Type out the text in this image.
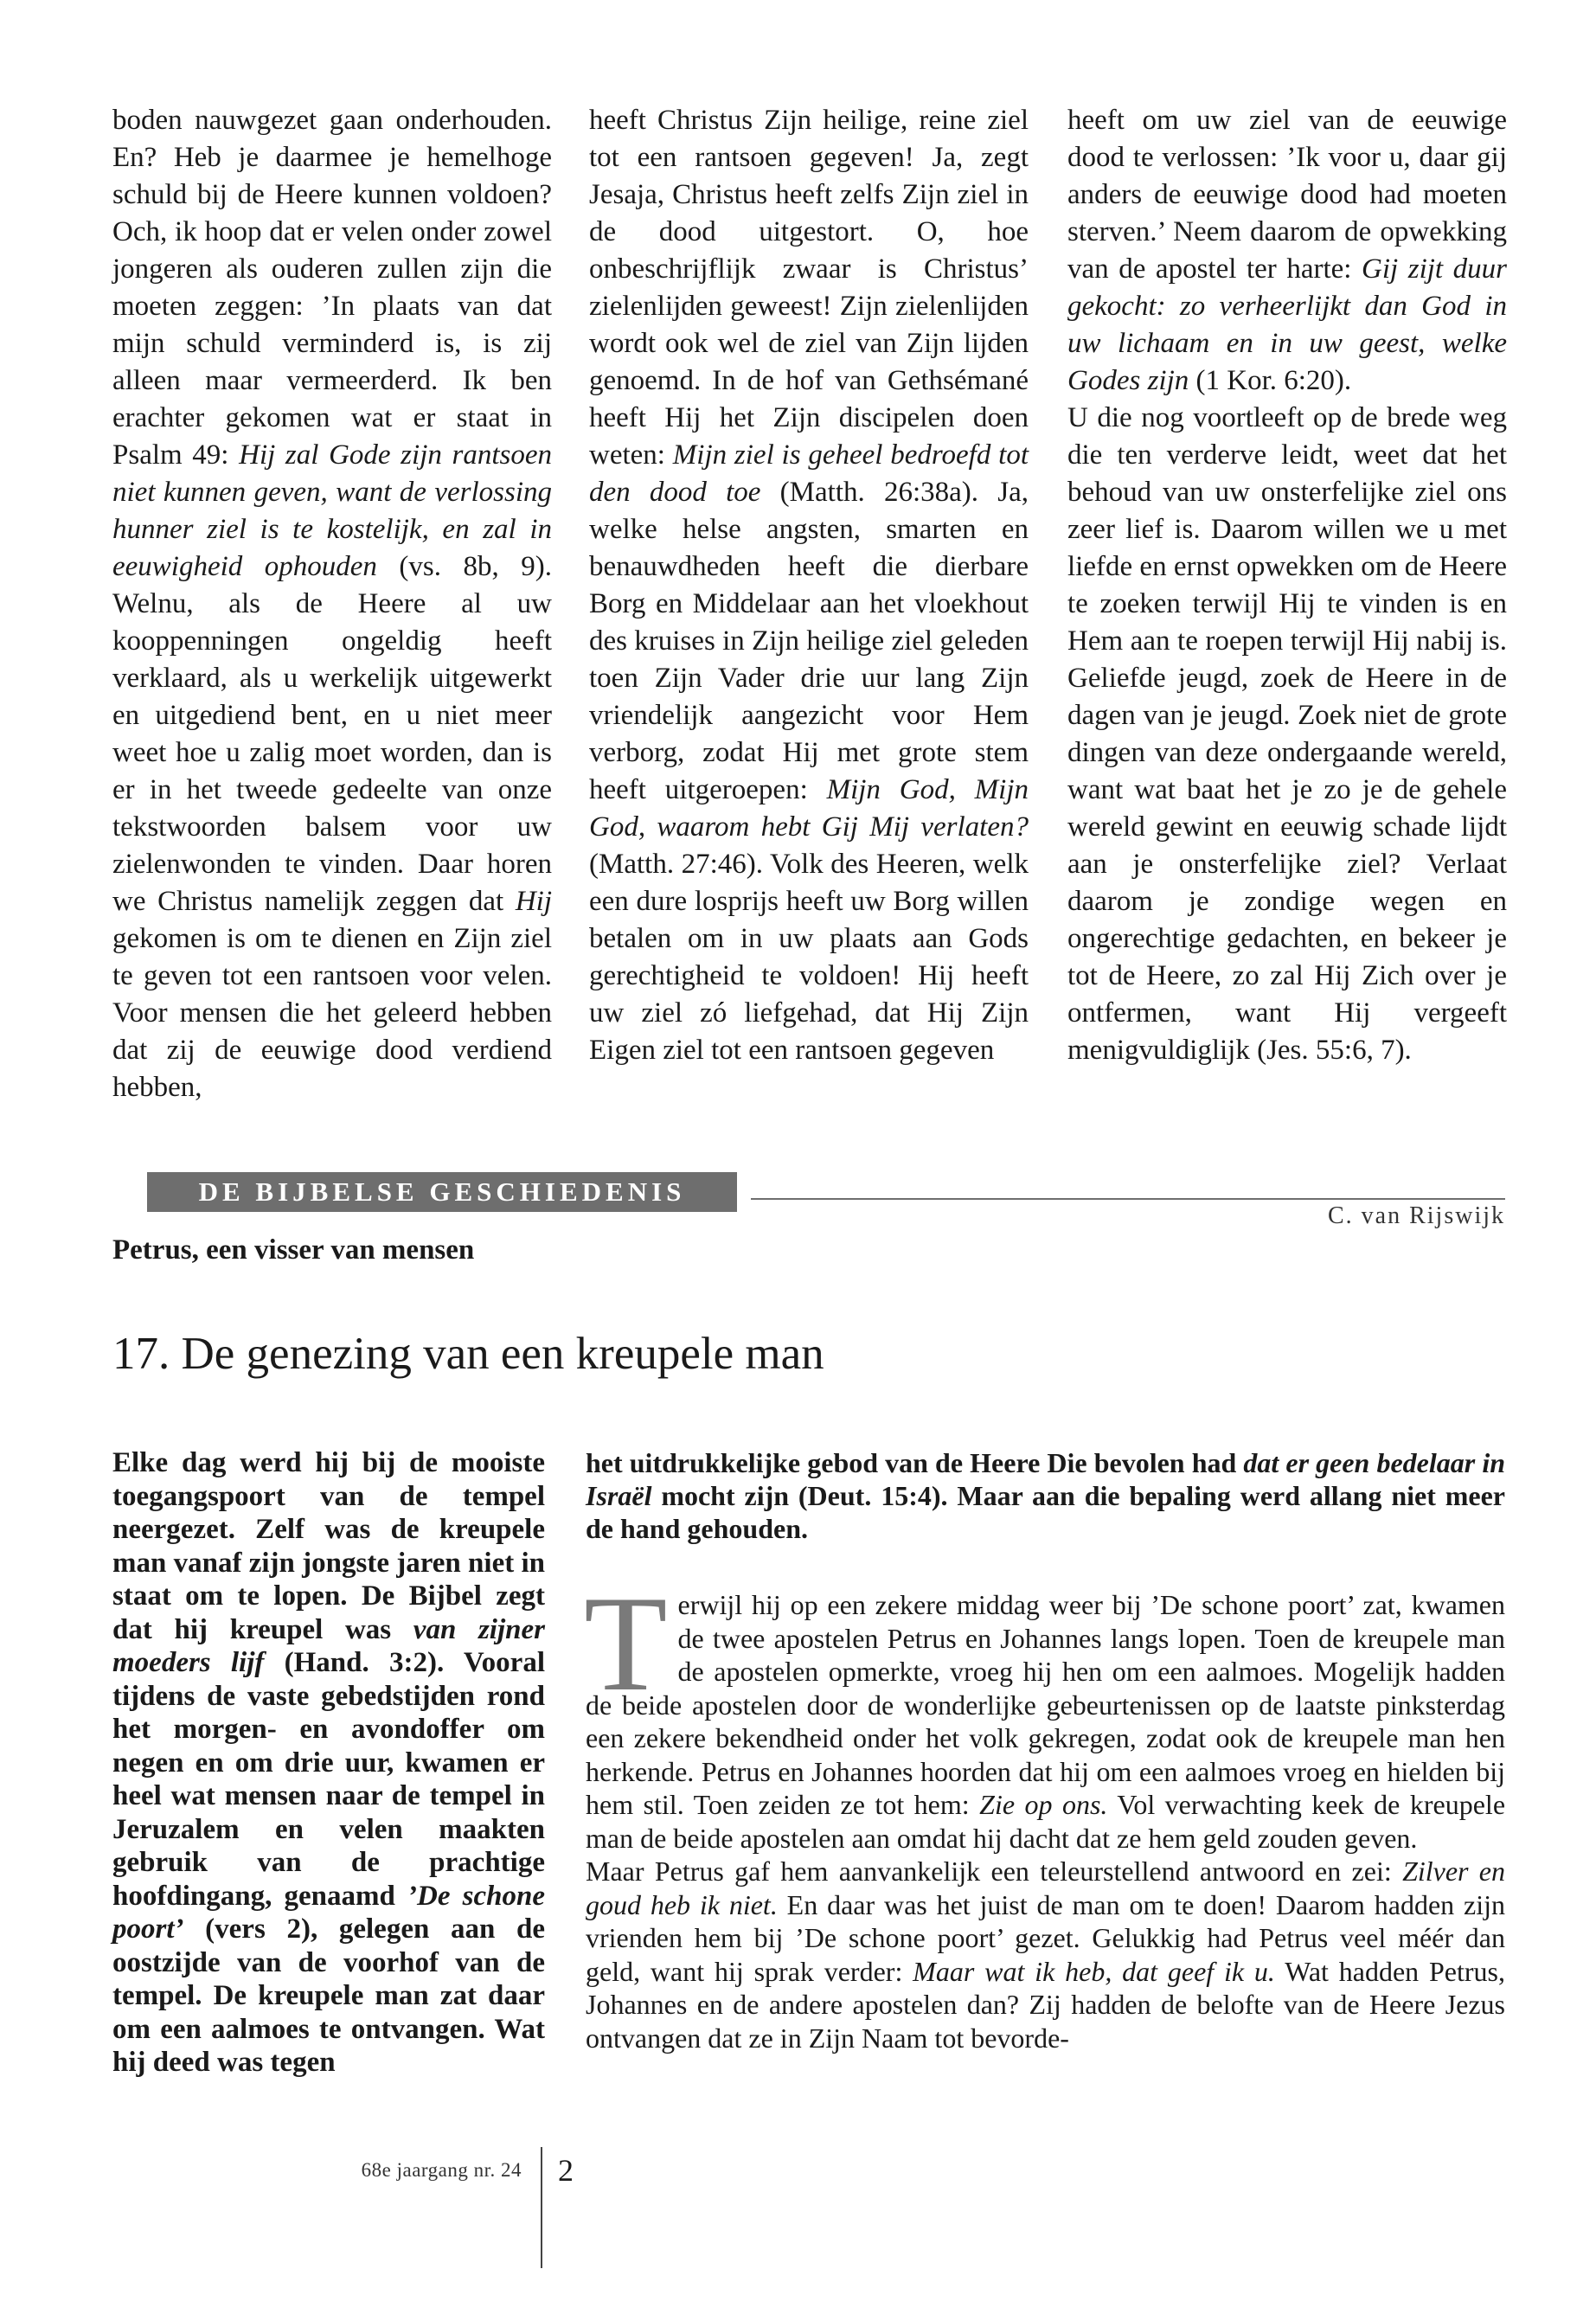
boden nauwgezet gaan onderhouden. En? Heb je daarmee je hemelhoge schuld bij de Heere kunnen voldoen? Och, ik hoop dat er velen onder zowel jongeren als ouderen zullen zijn die moeten zeggen: ’In plaats van dat mijn schuld verminderd is, is zij alleen maar vermeerderd. Ik ben erachter gekomen wat er staat in Psalm 49: Hij zal Gode zijn rantsoen niet kunnen geven, want de verlossing hunner ziel is te kostelijk, en zal in eeuwigheid ophouden (vs. 8b, 9). Welnu, als de Heere al uw kooppenningen ongeldig heeft verklaard, als u werkelijk uitgewerkt en uitgediend bent, en u niet meer weet hoe u zalig moet worden, dan is er in het tweede gedeelte van onze tekstwoorden balsem voor uw zielenwonden te vinden. Daar horen we Christus namelijk zeggen dat Hij gekomen is om te dienen en Zijn ziel te geven tot een rantsoen voor velen. Voor mensen die het geleerd hebben dat zij de eeuwige dood verdiend hebben,

heeft Christus Zijn heilige, reine ziel tot een rantsoen gegeven! Ja, zegt Jesaja, Christus heeft zelfs Zijn ziel in de dood uitgestort. O, hoe onbeschrijflijk zwaar is Christus’ zielenlijden geweest! Zijn zielenlijden wordt ook wel de ziel van Zijn lijden genoemd. In de hof van Gethsémané heeft Hij het Zijn discipelen doen weten: Mijn ziel is geheel bedroefd tot den dood toe (Matth. 26:38a). Ja, welke helse angsten, smarten en benauwdheden heeft die dierbare Borg en Middelaar aan het vloekhout des kruises in Zijn heilige ziel geleden toen Zijn Vader drie uur lang Zijn vriendelijk aangezicht voor Hem verborg, zodat Hij met grote stem heeft uitgeroepen: Mijn God, Mijn God, waarom hebt Gij Mij verlaten? (Matth. 27:46). Volk des Heeren, welk een dure losprijs heeft uw Borg willen betalen om in uw plaats aan Gods gerechtigheid te voldoen! Hij heeft uw ziel zó liefgehad, dat Hij Zijn Eigen ziel tot een rantsoen gegeven

heeft om uw ziel van de eeuwige dood te verlossen: ’Ik voor u, daar gij anders de eeuwige dood had moeten sterven.’ Neem daarom de opwekking van de apostel ter harte: Gij zijt duur gekocht: zo verheerlijkt dan God in uw lichaam en in uw geest, welke Godes zijn (1 Kor. 6:20).

U die nog voortleeft op de brede weg die ten verderve leidt, weet dat het behoud van uw onsterfelijke ziel ons zeer lief is. Daarom willen we u met liefde en ernst opwekken om de Heere te zoeken terwijl Hij te vinden is en Hem aan te roepen terwijl Hij nabij is. Geliefde jeugd, zoek de Heere in de dagen van je jeugd. Zoek niet de grote dingen van deze ondergaande wereld, want wat baat het je zo je de gehele wereld gewint en eeuwig schade lijdt aan je onsterfelijke ziel? Verlaat daarom je zondige wegen en ongerechtige gedachten, en bekeer je tot de Heere, zo zal Hij Zich over je ontfermen, want Hij vergeeft menigvuldiglijk (Jes. 55:6, 7).

DE BIJBELSE GESCHIEDENIS
C. van Rijswijk
Petrus, een visser van mensen
17. De genezing van een kreupele man
Elke dag werd hij bij de mooiste toegangspoort van de tempel neergezet. Zelf was de kreupele man vanaf zijn jongste jaren niet in staat om te lopen. De Bijbel zegt dat hij kreupel was van zijner moeders lijf (Hand. 3:2). Vooral tijdens de vaste gebedstijden rond het morgen- en avondoffer om negen en om drie uur, kwamen er heel wat mensen naar de tempel in Jeruzalem en velen maakten gebruik van de prachtige hoofdingang, genaamd ’De schone poort’ (vers 2), gelegen aan de oostzijde van de voorhof van de tempel. De kreupele man zat daar om een aalmoes te ontvangen. Wat hij deed was tegen

het uitdrukkelijke gebod van de Heere Die bevolen had dat er geen bedelaar in Israël mocht zijn (Deut. 15:4). Maar aan die bepaling werd allang niet meer de hand gehouden.

Terwijl hij op een zekere middag weer bij ’De schone poort’ zat, kwamen de twee apostelen Petrus en Johannes langs lopen. Toen de kreupele man de apostelen opmerkte, vroeg hij hen om een aalmoes. Mogelijk hadden de beide apostelen door de wonderlijke gebeurtenissen op de laatste pinksterdag een zekere bekendheid onder het volk gekregen, zodat ook de kreupele man hen herkende. Petrus en Johannes hoorden dat hij om een aalmoes vroeg en hielden bij hem stil. Toen zeiden ze tot hem: Zie op ons. Vol verwachting keek de kreupele man de beide apostelen aan omdat hij dacht dat ze hem geld zouden geven.

Maar Petrus gaf hem aanvankelijk een teleurstellend antwoord en zei: Zilver en goud heb ik niet. En daar was het juist de man om te doen! Daarom hadden zijn vrienden hem bij ’De schone poort’ gezet. Gelukkig had Petrus veel méér dan geld, want hij sprak verder: Maar wat ik heb, dat geef ik u. Wat hadden Petrus, Johannes en de andere apostelen dan? Zij hadden de belofte van de Heere Jezus ontvangen dat ze in Zijn Naam tot bevorde-

68e jaargang nr. 24 2
